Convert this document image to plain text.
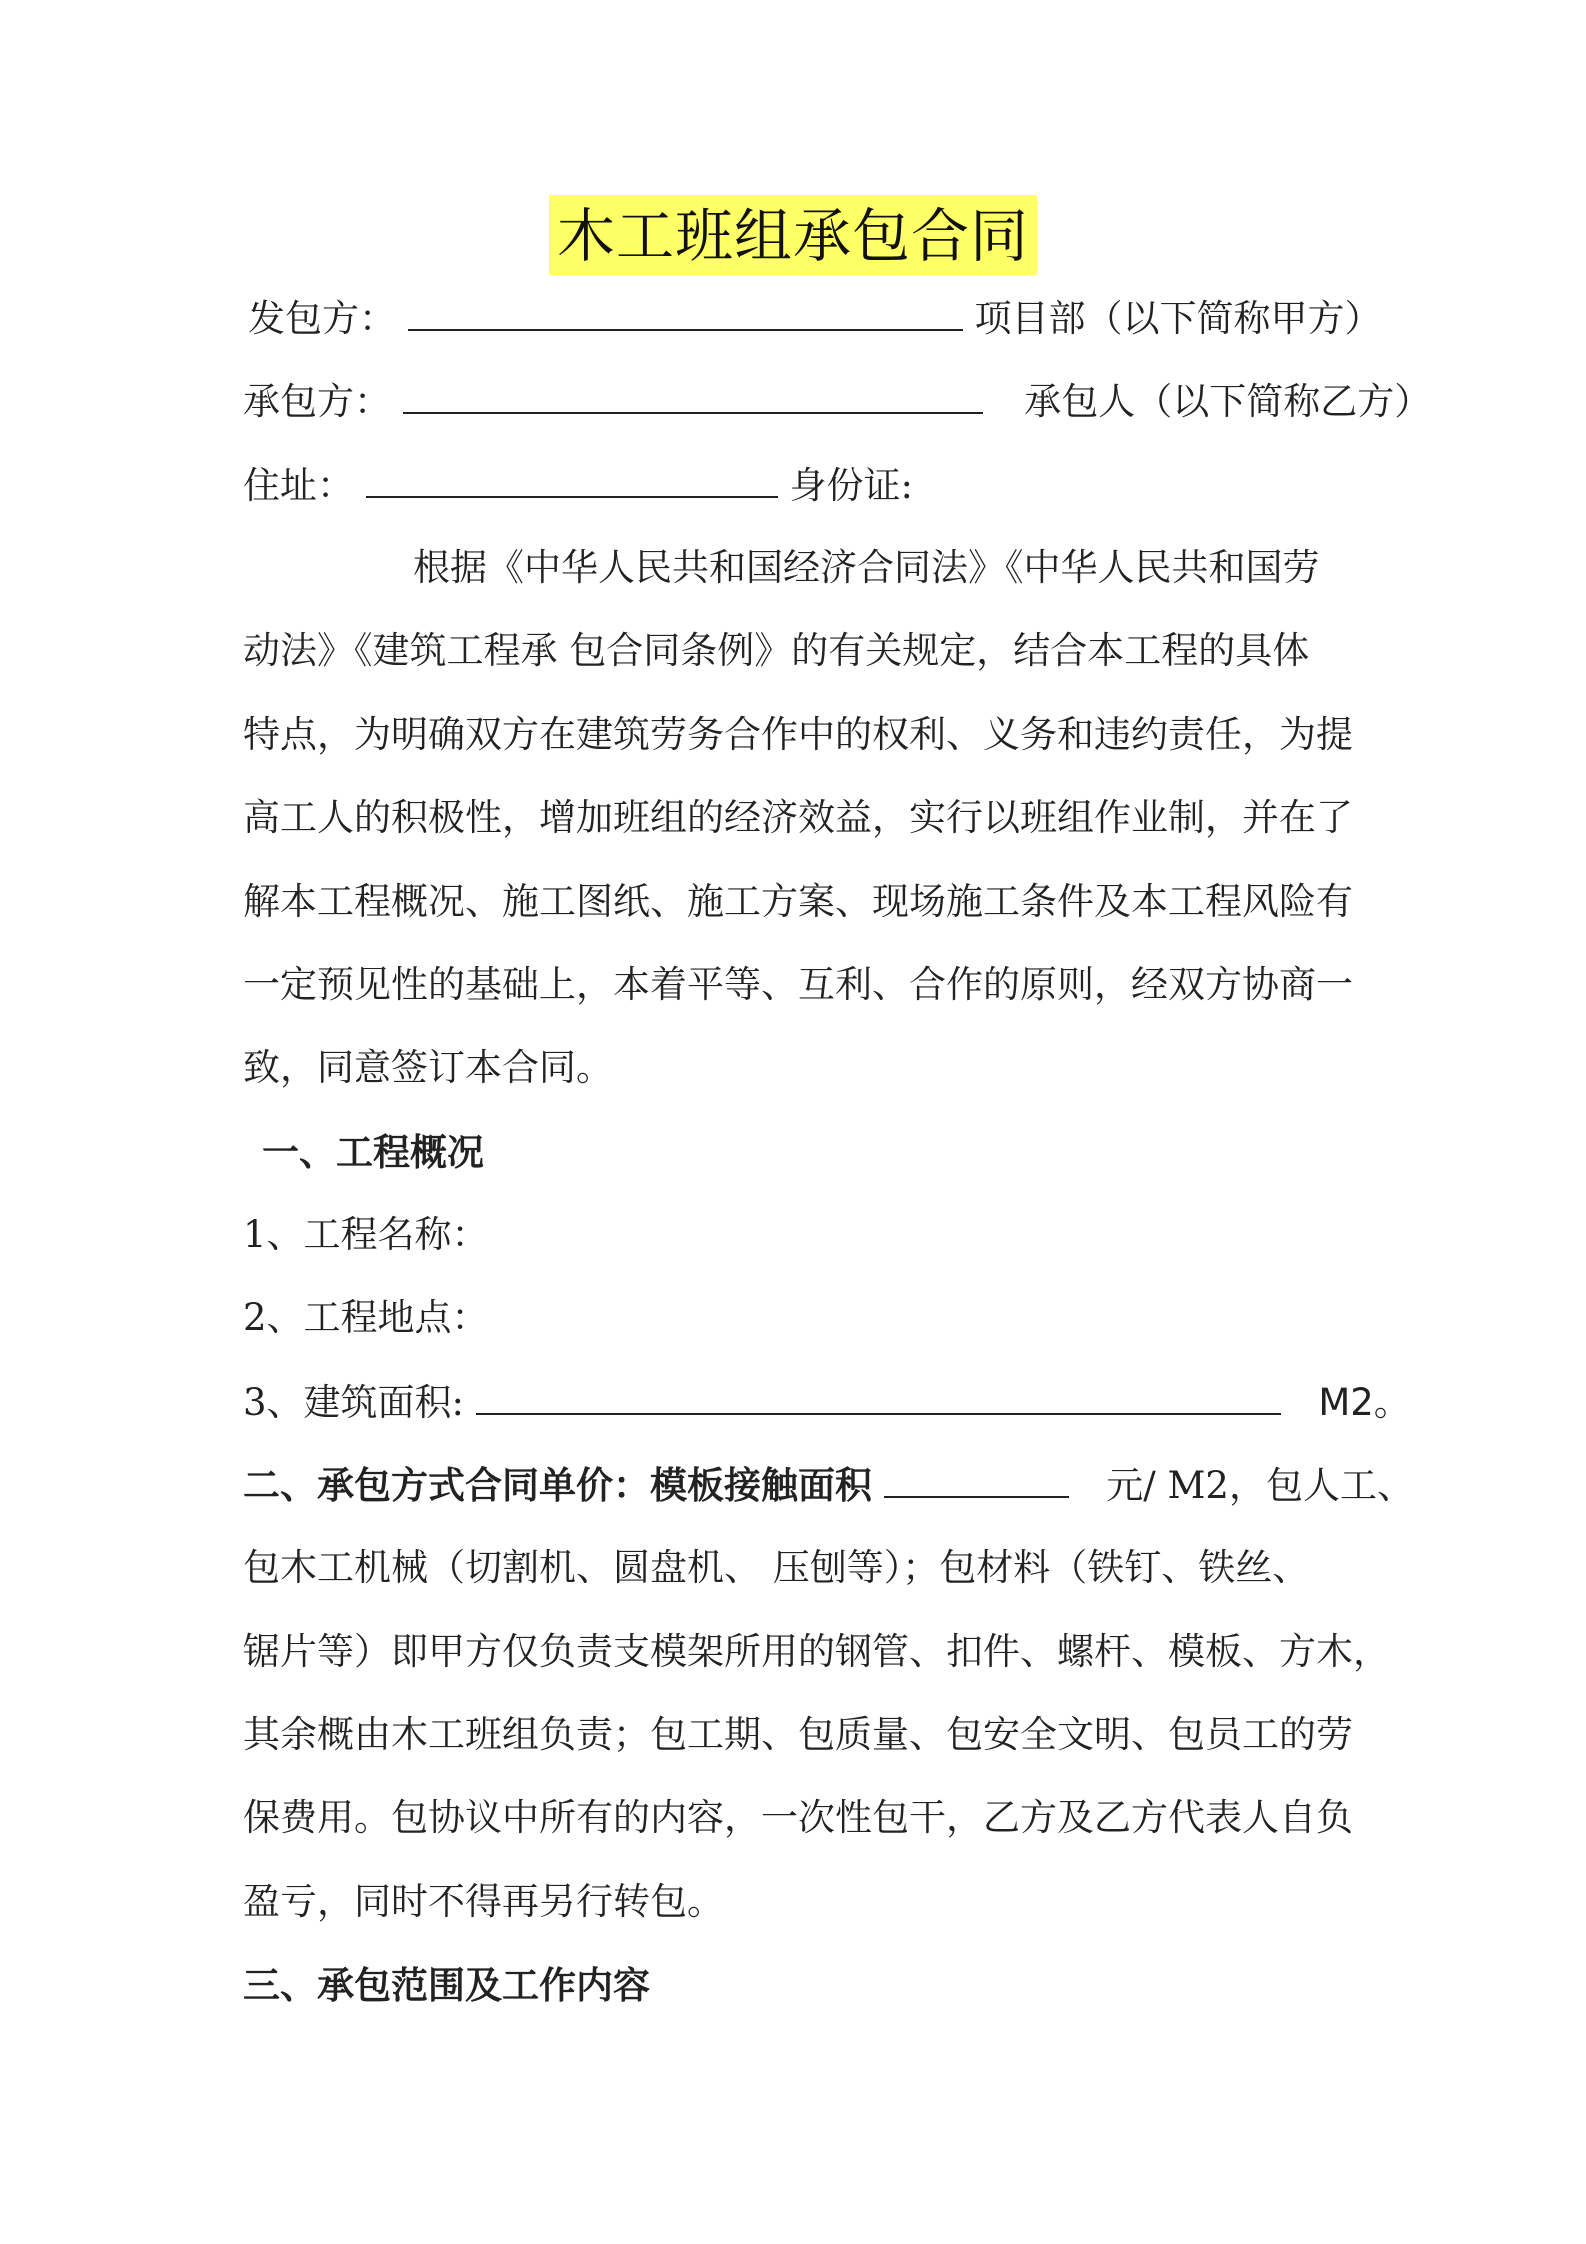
木工班组承包合同
发包方：	项目部（以下简称甲方）
承包方：	承包人（以下简称乙方）
住址：	身份证:
根据《中华人民共和国经济合同法》《中华人民共和国劳
动法》《建筑工程承 包合同条例》的有关规定，结合本工程的具体
特点，为明确双方在建筑劳务合作中的权利、义务和违约责任，为提
高工人的积极性，增加班组的经济效益，实行以班组作业制，并在了
解本工程概况、施工图纸、施工方案、现场施工条件及本工程风险有
一定预见性的基础上，本着平等、互利、合作的原则，经双方协商一
致，同意签订本合同。
一、工程概况
1、工程名称：
2、工程地点：
3、建筑面积:	M2。
二、承包方式合同单价：模板接触面积	元/ M2，包人工、
包木工机械（切割机、圆盘机、 压刨等）；包材料（铁钉、铁丝、
锯片等）即甲方仅负责支模架所用的钢管、扣件、螺杆、模板、方木，
其余概由木工班组负责；包工期、包质量、包安全文明、包员工的劳
保费用。包协议中所有的内容，一次性包干，乙方及乙方代表人自负
盈亏，同时不得再另行转包。
三、承包范围及工作内容
